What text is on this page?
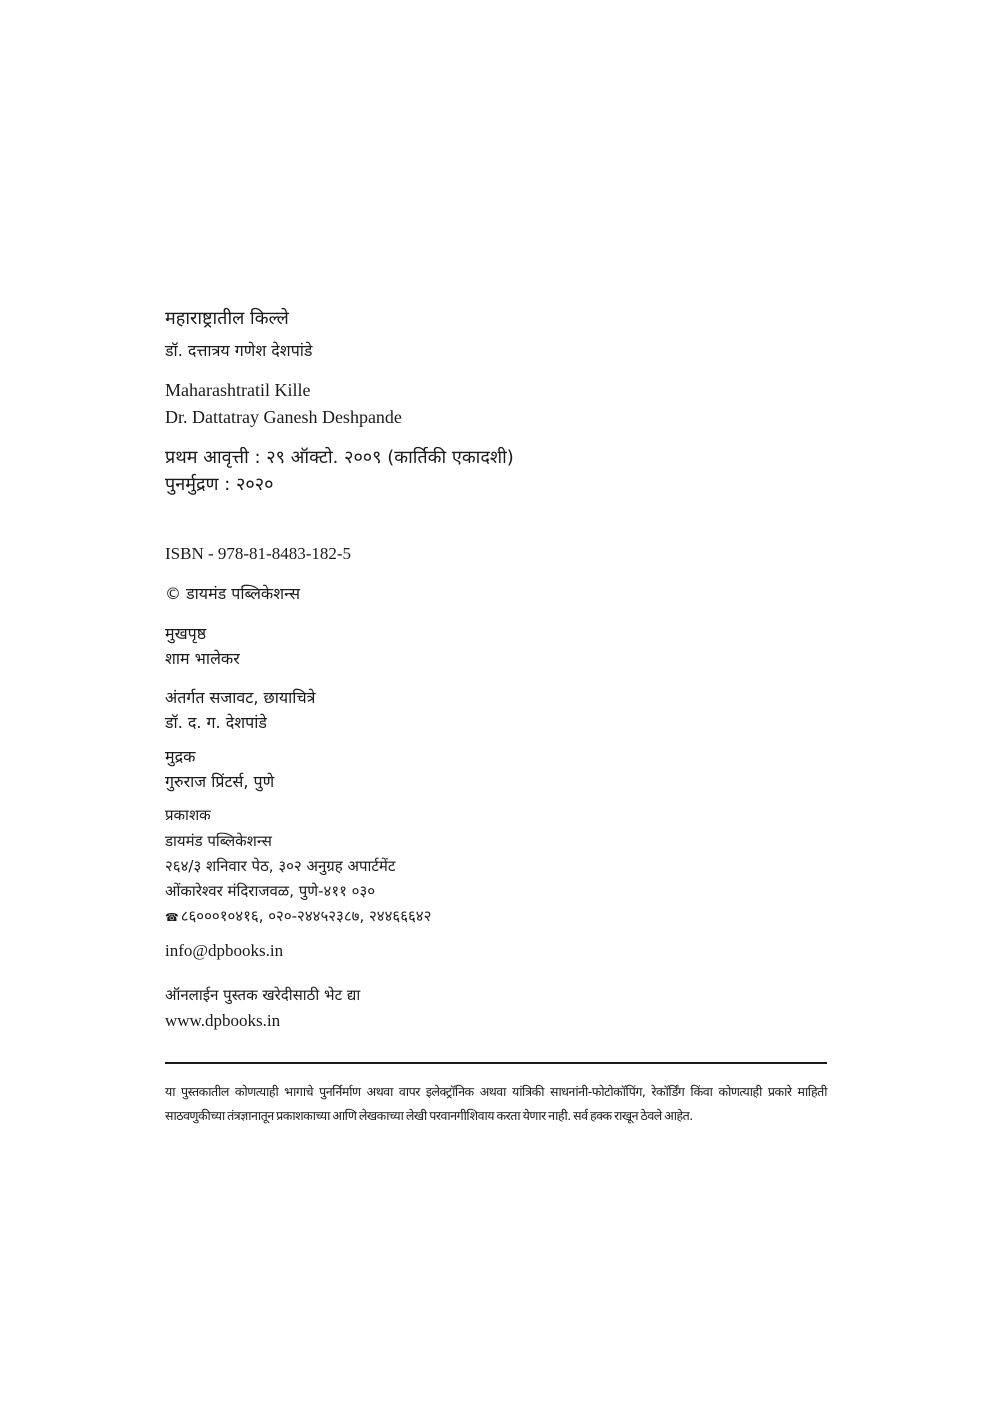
महाराष्ट्रातील किल्ले
डॉ. दत्तात्रय गणेश देशपांडे
Maharashtratil Kille
Dr. Dattatray Ganesh Deshpande
प्रथम आवृत्ती : २९ ऑक्टो. २००९ (कार्तिकी एकादशी)
पुनर्मुद्रण : २०२०
ISBN - 978-81-8483-182-5
© डायमंड पब्लिकेशन्स
मुखपृष्ठ
शाम भालेकर
अंतर्गत सजावट, छायाचित्रे
डॉ. द. ग. देशपांडे
मुद्रक
गुरुराज प्रिंटर्स, पुणे
प्रकाशक
डायमंड पब्लिकेशन्स
२६४/३ शनिवार पेठ, ३०२ अनुग्रह अपार्टमेंट
ओंकारेश्वर मंदिराजवळ, पुणे-४११ ०३०
☎ ८६०००१०४१६, ०२०-२४४५२३८७, २४४६६६४२
info@dpbooks.in
ऑनलाईन पुस्तक खरेदीसाठी भेट द्या
www.dpbooks.in
या पुस्तकातील कोणत्याही भागाचे पुनर्निर्माण अथवा वापर इलेक्ट्रॉनिक अथवा यांत्रिकी साधनांनी-फोटोकॉपिंग, रेकॉर्डिंग किंवा कोणत्याही प्रकारे माहिती साठवणुकीच्या तंत्रज्ञानातून प्रकाशकाच्या आणि लेखकाच्या लेखी परवानगीशिवाय करता येणार नाही. सर्व हक्क राखून ठेवले आहेत.
